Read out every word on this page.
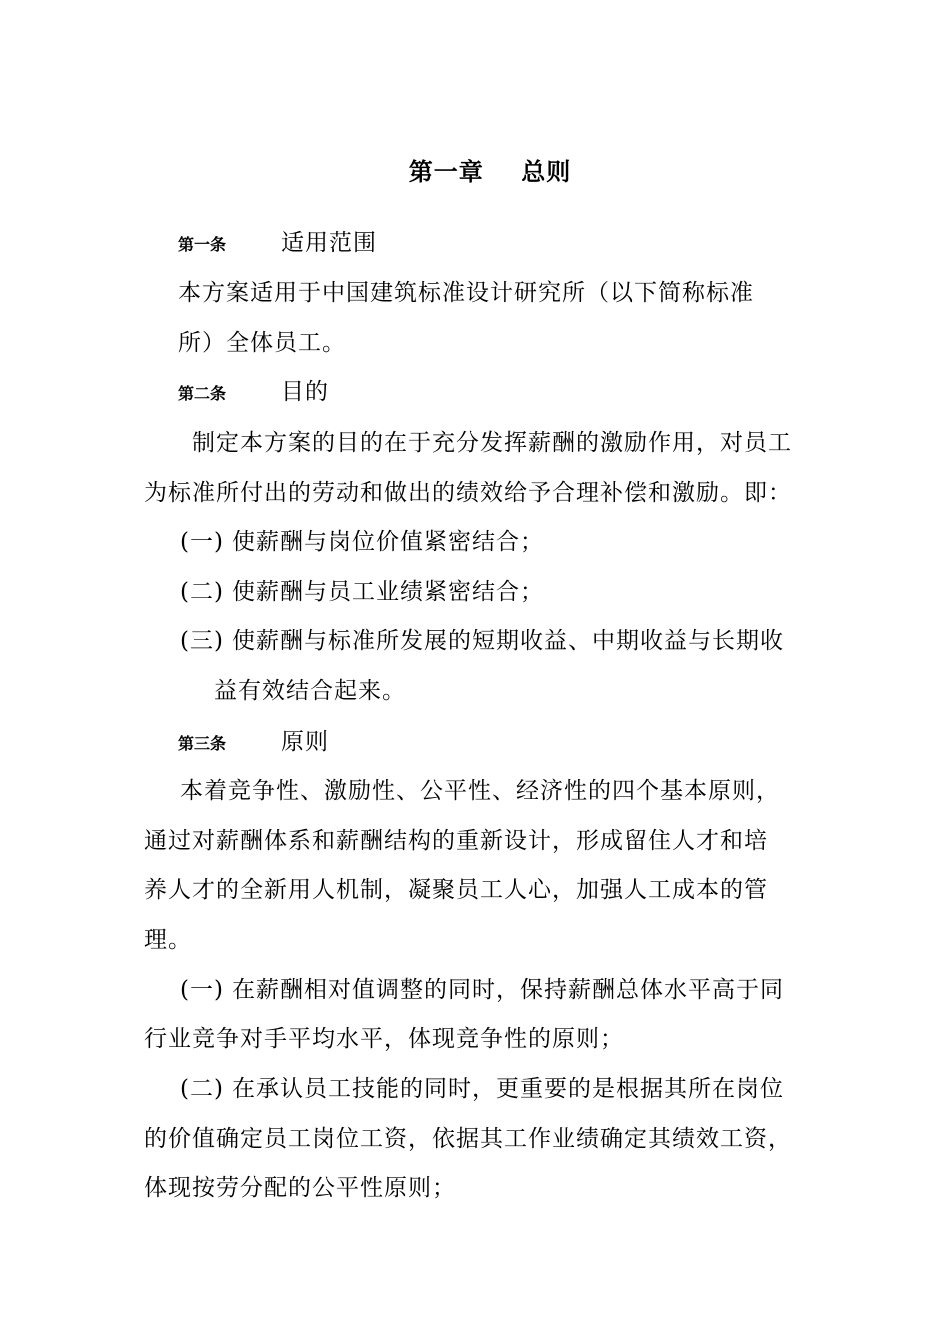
第一章    总则
第一条 适用范围
本方案适用于中国建筑标准设计研究所（以下简称标准
所）全体员工。
第二条 目的
制定本方案的目的在于充分发挥薪酬的激励作用，对员工
为标准所付出的劳动和做出的绩效给予合理补偿和激励。即：
(一) 使薪酬与岗位价值紧密结合；
(二) 使薪酬与员工业绩紧密结合；
(三) 使薪酬与标准所发展的短期收益、中期收益与长期收
益有效结合起来。
第三条 原则
本着竞争性、激励性、公平性、经济性的四个基本原则，
通过对薪酬体系和薪酬结构的重新设计，形成留住人才和培
养人才的全新用人机制，凝聚员工人心，加强人工成本的管
理。
(一) 在薪酬相对值调整的同时，保持薪酬总体水平高于同
行业竞争对手平均水平，体现竞争性的原则；
(二) 在承认员工技能的同时，更重要的是根据其所在岗位
的价值确定员工岗位工资，依据其工作业绩确定其绩效工资，
体现按劳分配的公平性原则；
